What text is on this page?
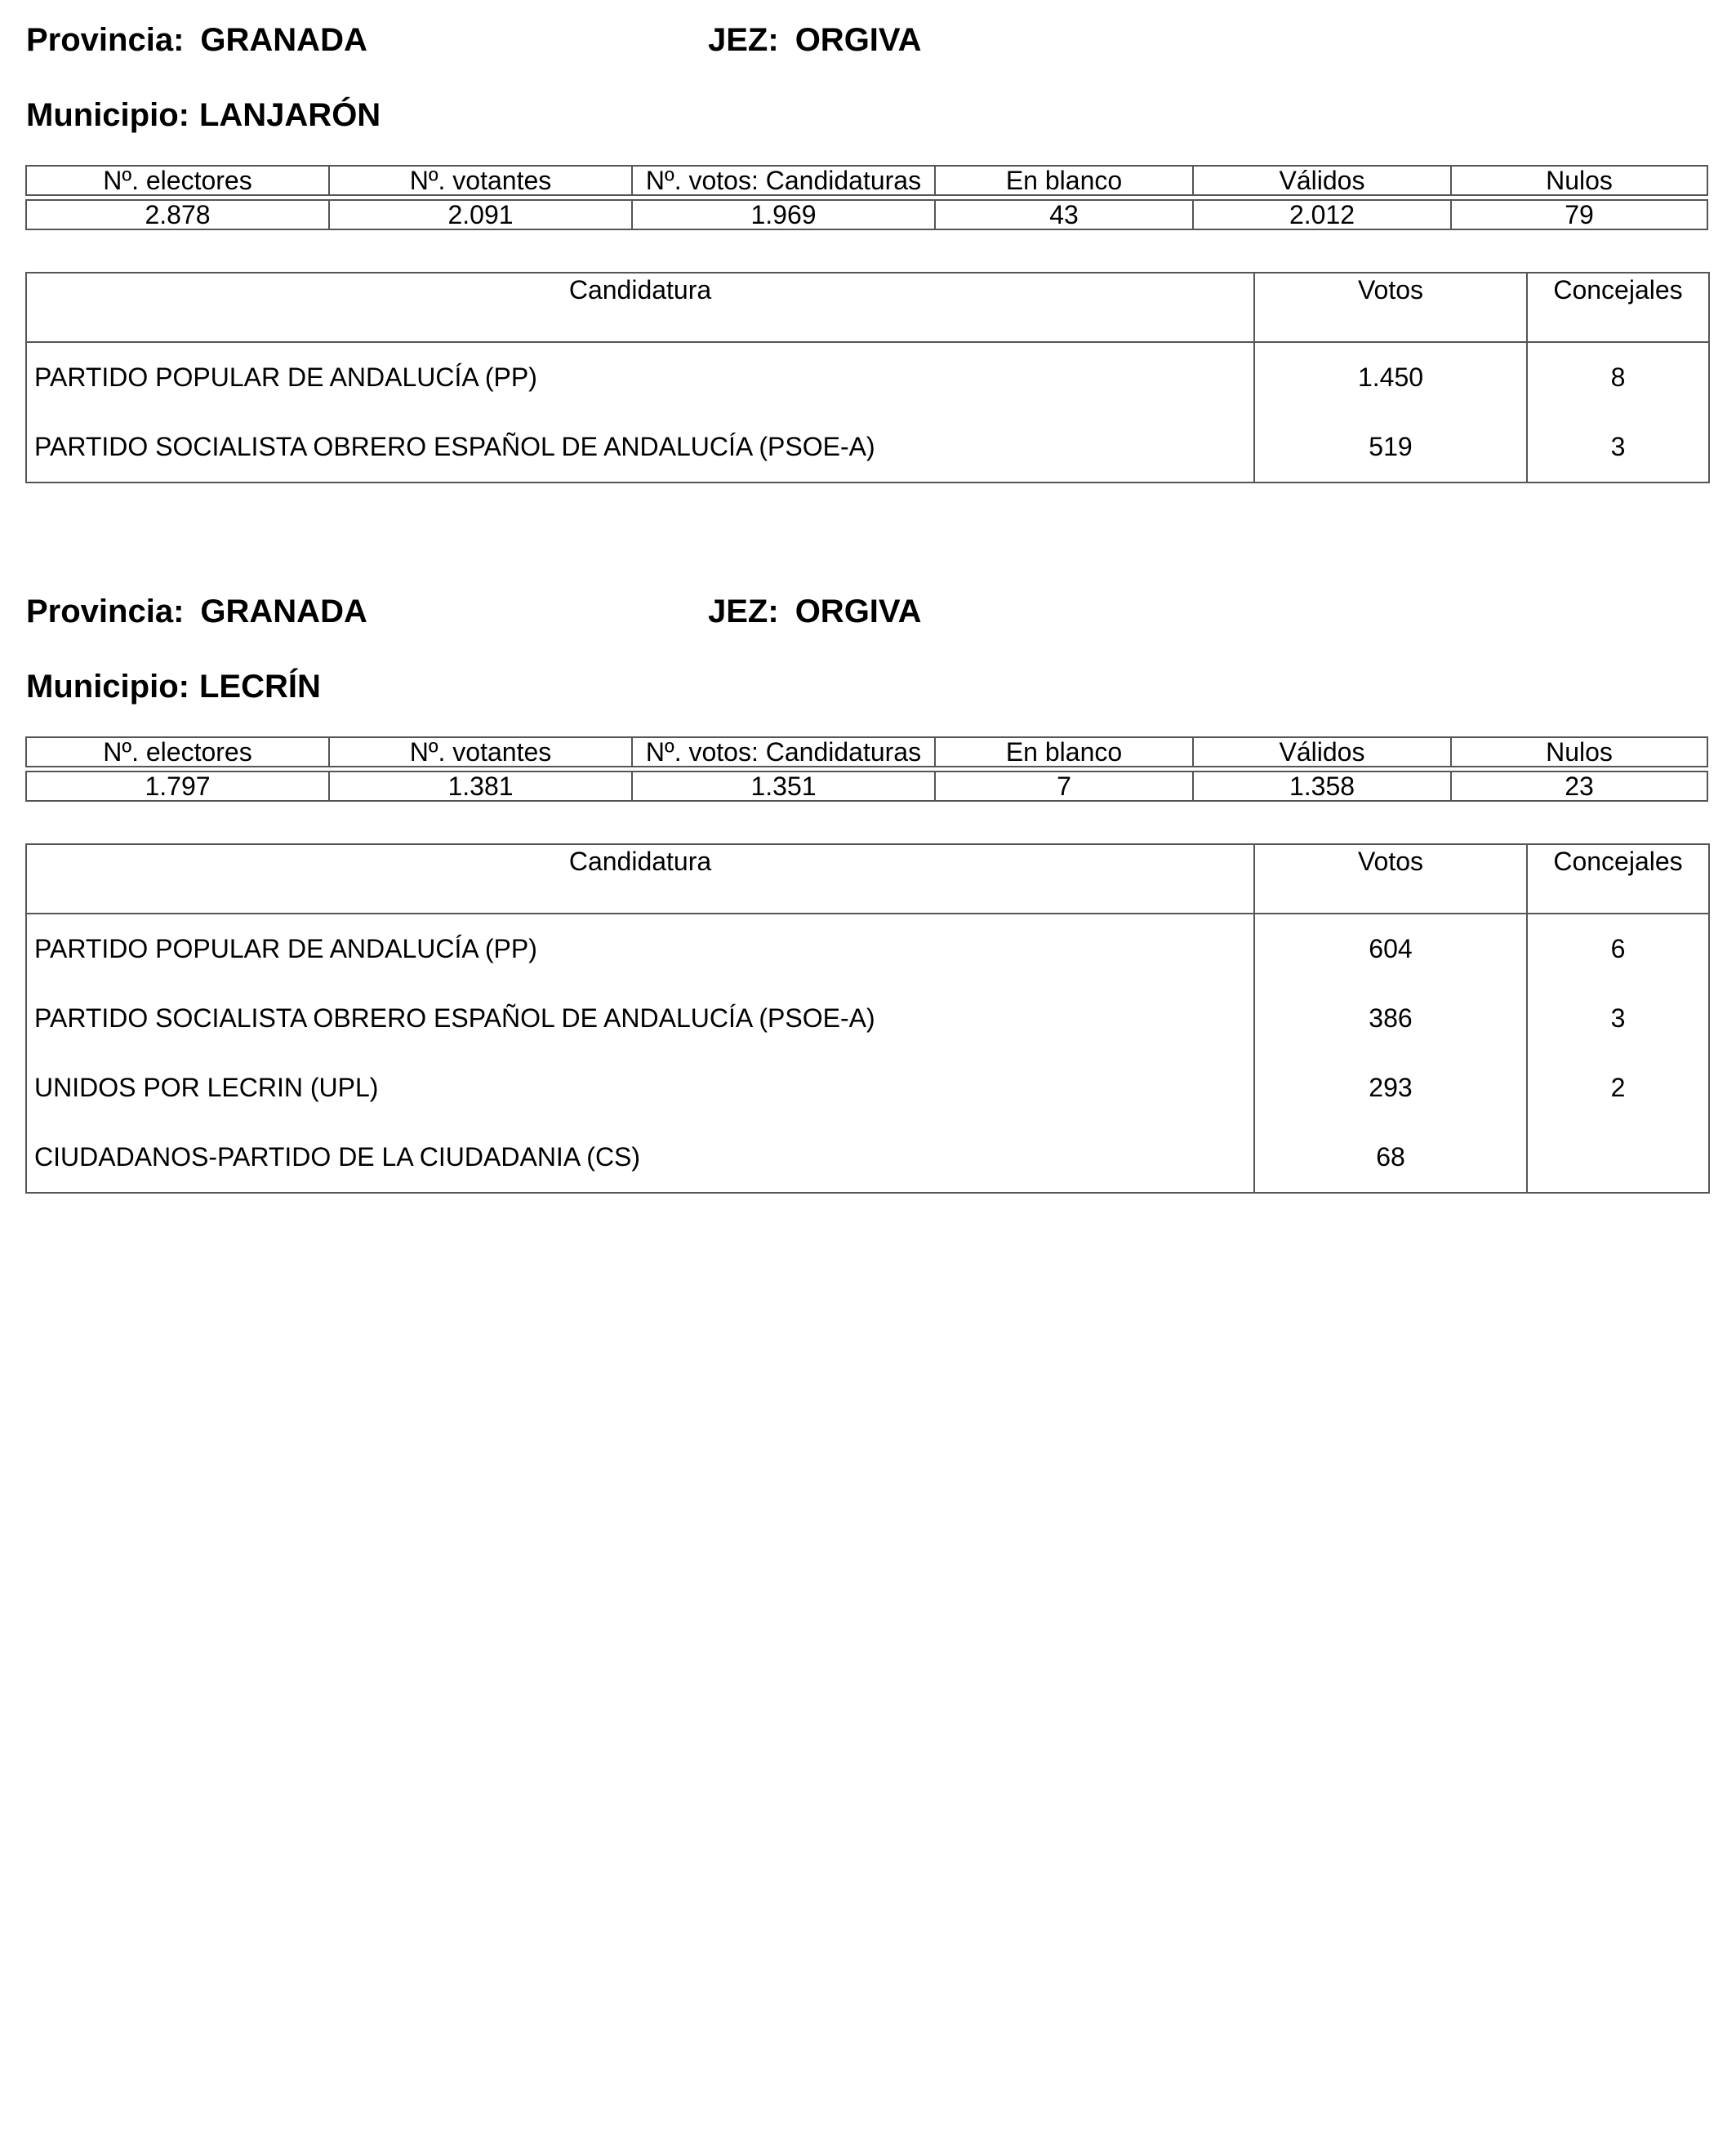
Provincia: GRANADA	JEZ: ORGIVA
Municipio: LANJARÓN
Nº. electores	Nº. votantes	Nº. votos: Candidaturas	En blanco	Válidos	Nulos

2.878	2.091	1.969	43	2.012	79
Candidatura	Votos	Concejales
PARTIDO POPULAR DE ANDALUCÍA (PP)	1.450	8
PARTIDO SOCIALISTA OBRERO ESPAÑOL DE ANDALUCÍA (PSOE-A)	519	3
Provincia: GRANADA	JEZ: ORGIVA
Municipio: LECRÍN
Nº. electores	Nº. votantes	Nº. votos: Candidaturas	En blanco	Válidos	Nulos

1.797	1.381	1.351	7	1.358	23
Candidatura	Votos	Concejales
PARTIDO POPULAR DE ANDALUCÍA (PP)	604	6
PARTIDO SOCIALISTA OBRERO ESPAÑOL DE ANDALUCÍA (PSOE-A)	386	3
UNIDOS POR LECRIN (UPL)	293	2
CIUDADANOS-PARTIDO DE LA CIUDADANIA (CS)	68	
